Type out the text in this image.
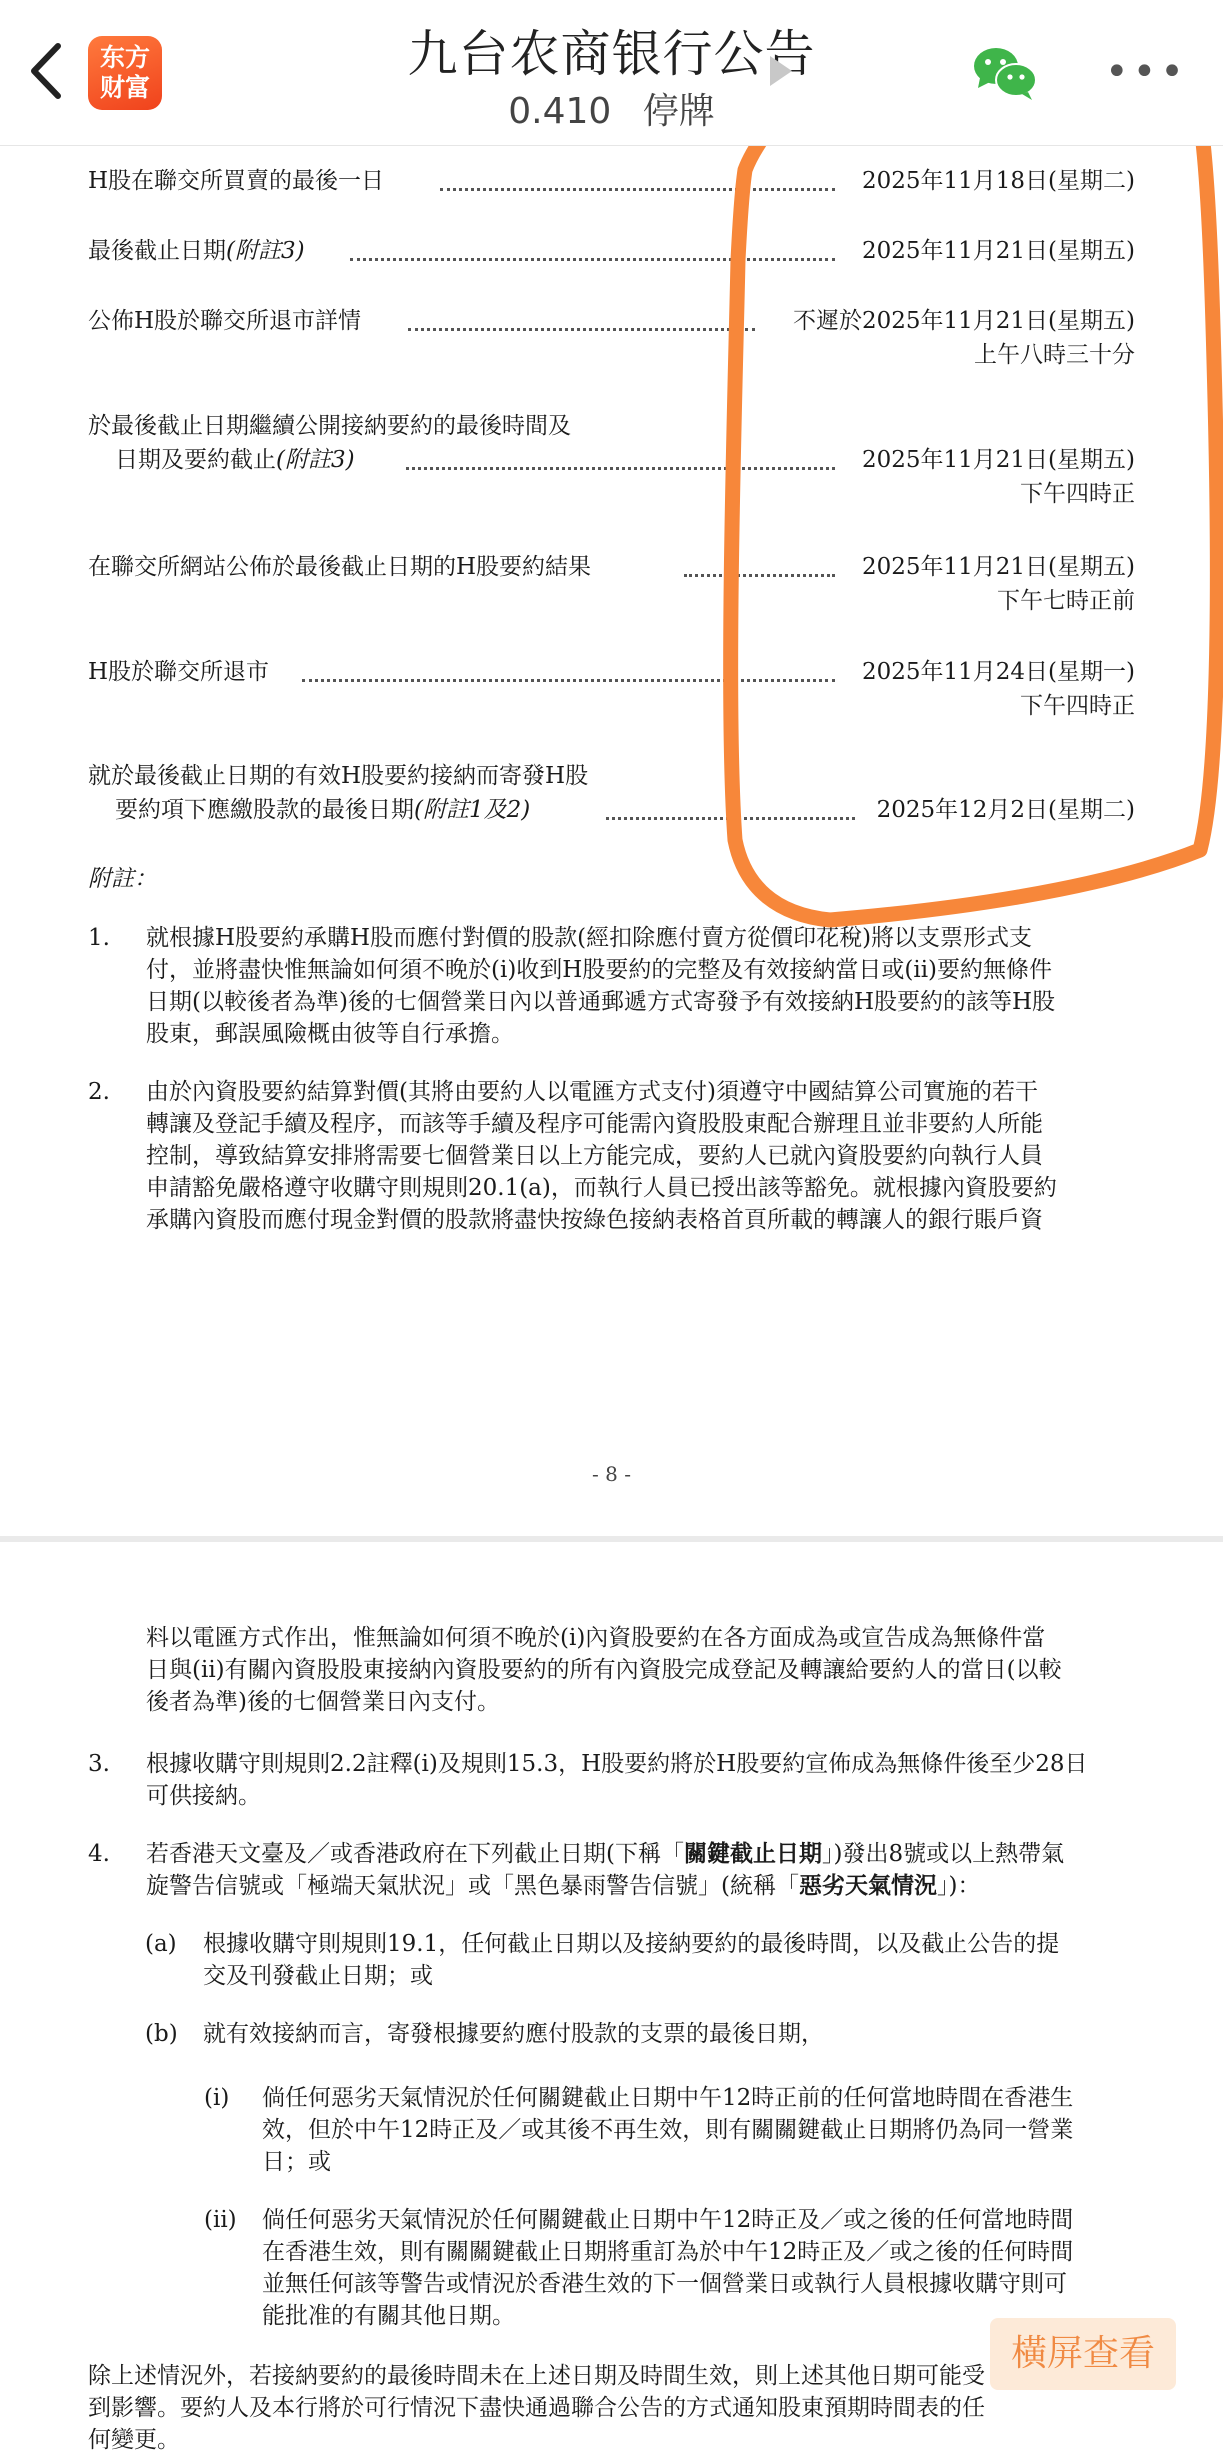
H股在聯交所買賣的最後一日	2025年11月18日(星期二)
最後截止日期(附註3)	2025年11月21日(星期五)
公佈H股於聯交所退市詳情	不遲於2025年11月21日(星期五)
上午八時三十分
於最後截止日期繼續公開接納要約的最後時間及
日期及要約截止(附註3)	2025年11月21日(星期五)
下午四時正
在聯交所網站公佈於最後截止日期的H股要約結果	2025年11月21日(星期五)
下午七時正前
H股於聯交所退市	2025年11月24日(星期一)
下午四時正
就於最後截止日期的有效H股要約接納而寄發H股
要約項下應繳股款的最後日期(附註1及2)	2025年12月2日(星期二)
附註：
1. 就根據H股要約承購H股而應付對價的股款(經扣除應付賣方從價印花稅)將以支票形式支
付，並將盡快惟無論如何須不晚於(i)收到H股要約的完整及有效接納當日或(ii)要約無條件
日期(以較後者為準)後的七個營業日內以普通郵遞方式寄發予有效接納H股要約的該等H股
股東，郵誤風險概由彼等自行承擔。
2. 由於內資股要約結算對價(其將由要約人以電匯方式支付)須遵守中國結算公司實施的若干
轉讓及登記手續及程序，而該等手續及程序可能需內資股股東配合辦理且並非要約人所能
控制，導致結算安排將需要七個營業日以上方能完成，要約人已就內資股要約向執行人員
申請豁免嚴格遵守收購守則規則20.1(a)，而執行人員已授出該等豁免。就根據內資股要約
承購內資股而應付現金對價的股款將盡快按綠色接納表格首頁所載的轉讓人的銀行賬戶資
- 8 -
料以電匯方式作出，惟無論如何須不晚於(i)內資股要約在各方面成為或宣告成為無條件當
日與(ii)有關內資股股東接納內資股要約的所有內資股完成登記及轉讓給要約人的當日(以較
後者為準)後的七個營業日內支付。
3. 根據收購守則規則2.2註釋(i)及規則15.3，H股要約將於H股要約宣佈成為無條件後至少28日
可供接納。
4. 若香港天文臺及／或香港政府在下列截止日期(下稱「關鍵截止日期」)發出8號或以上熱帶氣
旋警告信號或「極端天氣狀況」或「黑色暴雨警告信號」(統稱「惡劣天氣情況」)：
(a) 根據收購守則規則19.1，任何截止日期以及接納要約的最後時間，以及截止公告的提
交及刊發截止日期；或
(b) 就有效接納而言，寄發根據要約應付股款的支票的最後日期，
(i) 倘任何惡劣天氣情況於任何關鍵截止日期中午12時正前的任何當地時間在香港生
效，但於中午12時正及／或其後不再生效，則有關關鍵截止日期將仍為同一營業
日；或
(ii) 倘任何惡劣天氣情況於任何關鍵截止日期中午12時正及／或之後的任何當地時間
在香港生效，則有關關鍵截止日期將重訂為於中午12時正及／或之後的任何時間
並無任何該等警告或情況於香港生效的下一個營業日或執行人員根據收購守則可
能批准的有關其他日期。
除上述情況外，若接納要約的最後時間未在上述日期及時間生效，則上述其他日期可能受
到影響。要約人及本行將於可行情況下盡快通過聯合公告的方式通知股東預期時間表的任
何變更。
东方
财富
九台农商银行公告
0.410 停牌
•••
橫屏查看
